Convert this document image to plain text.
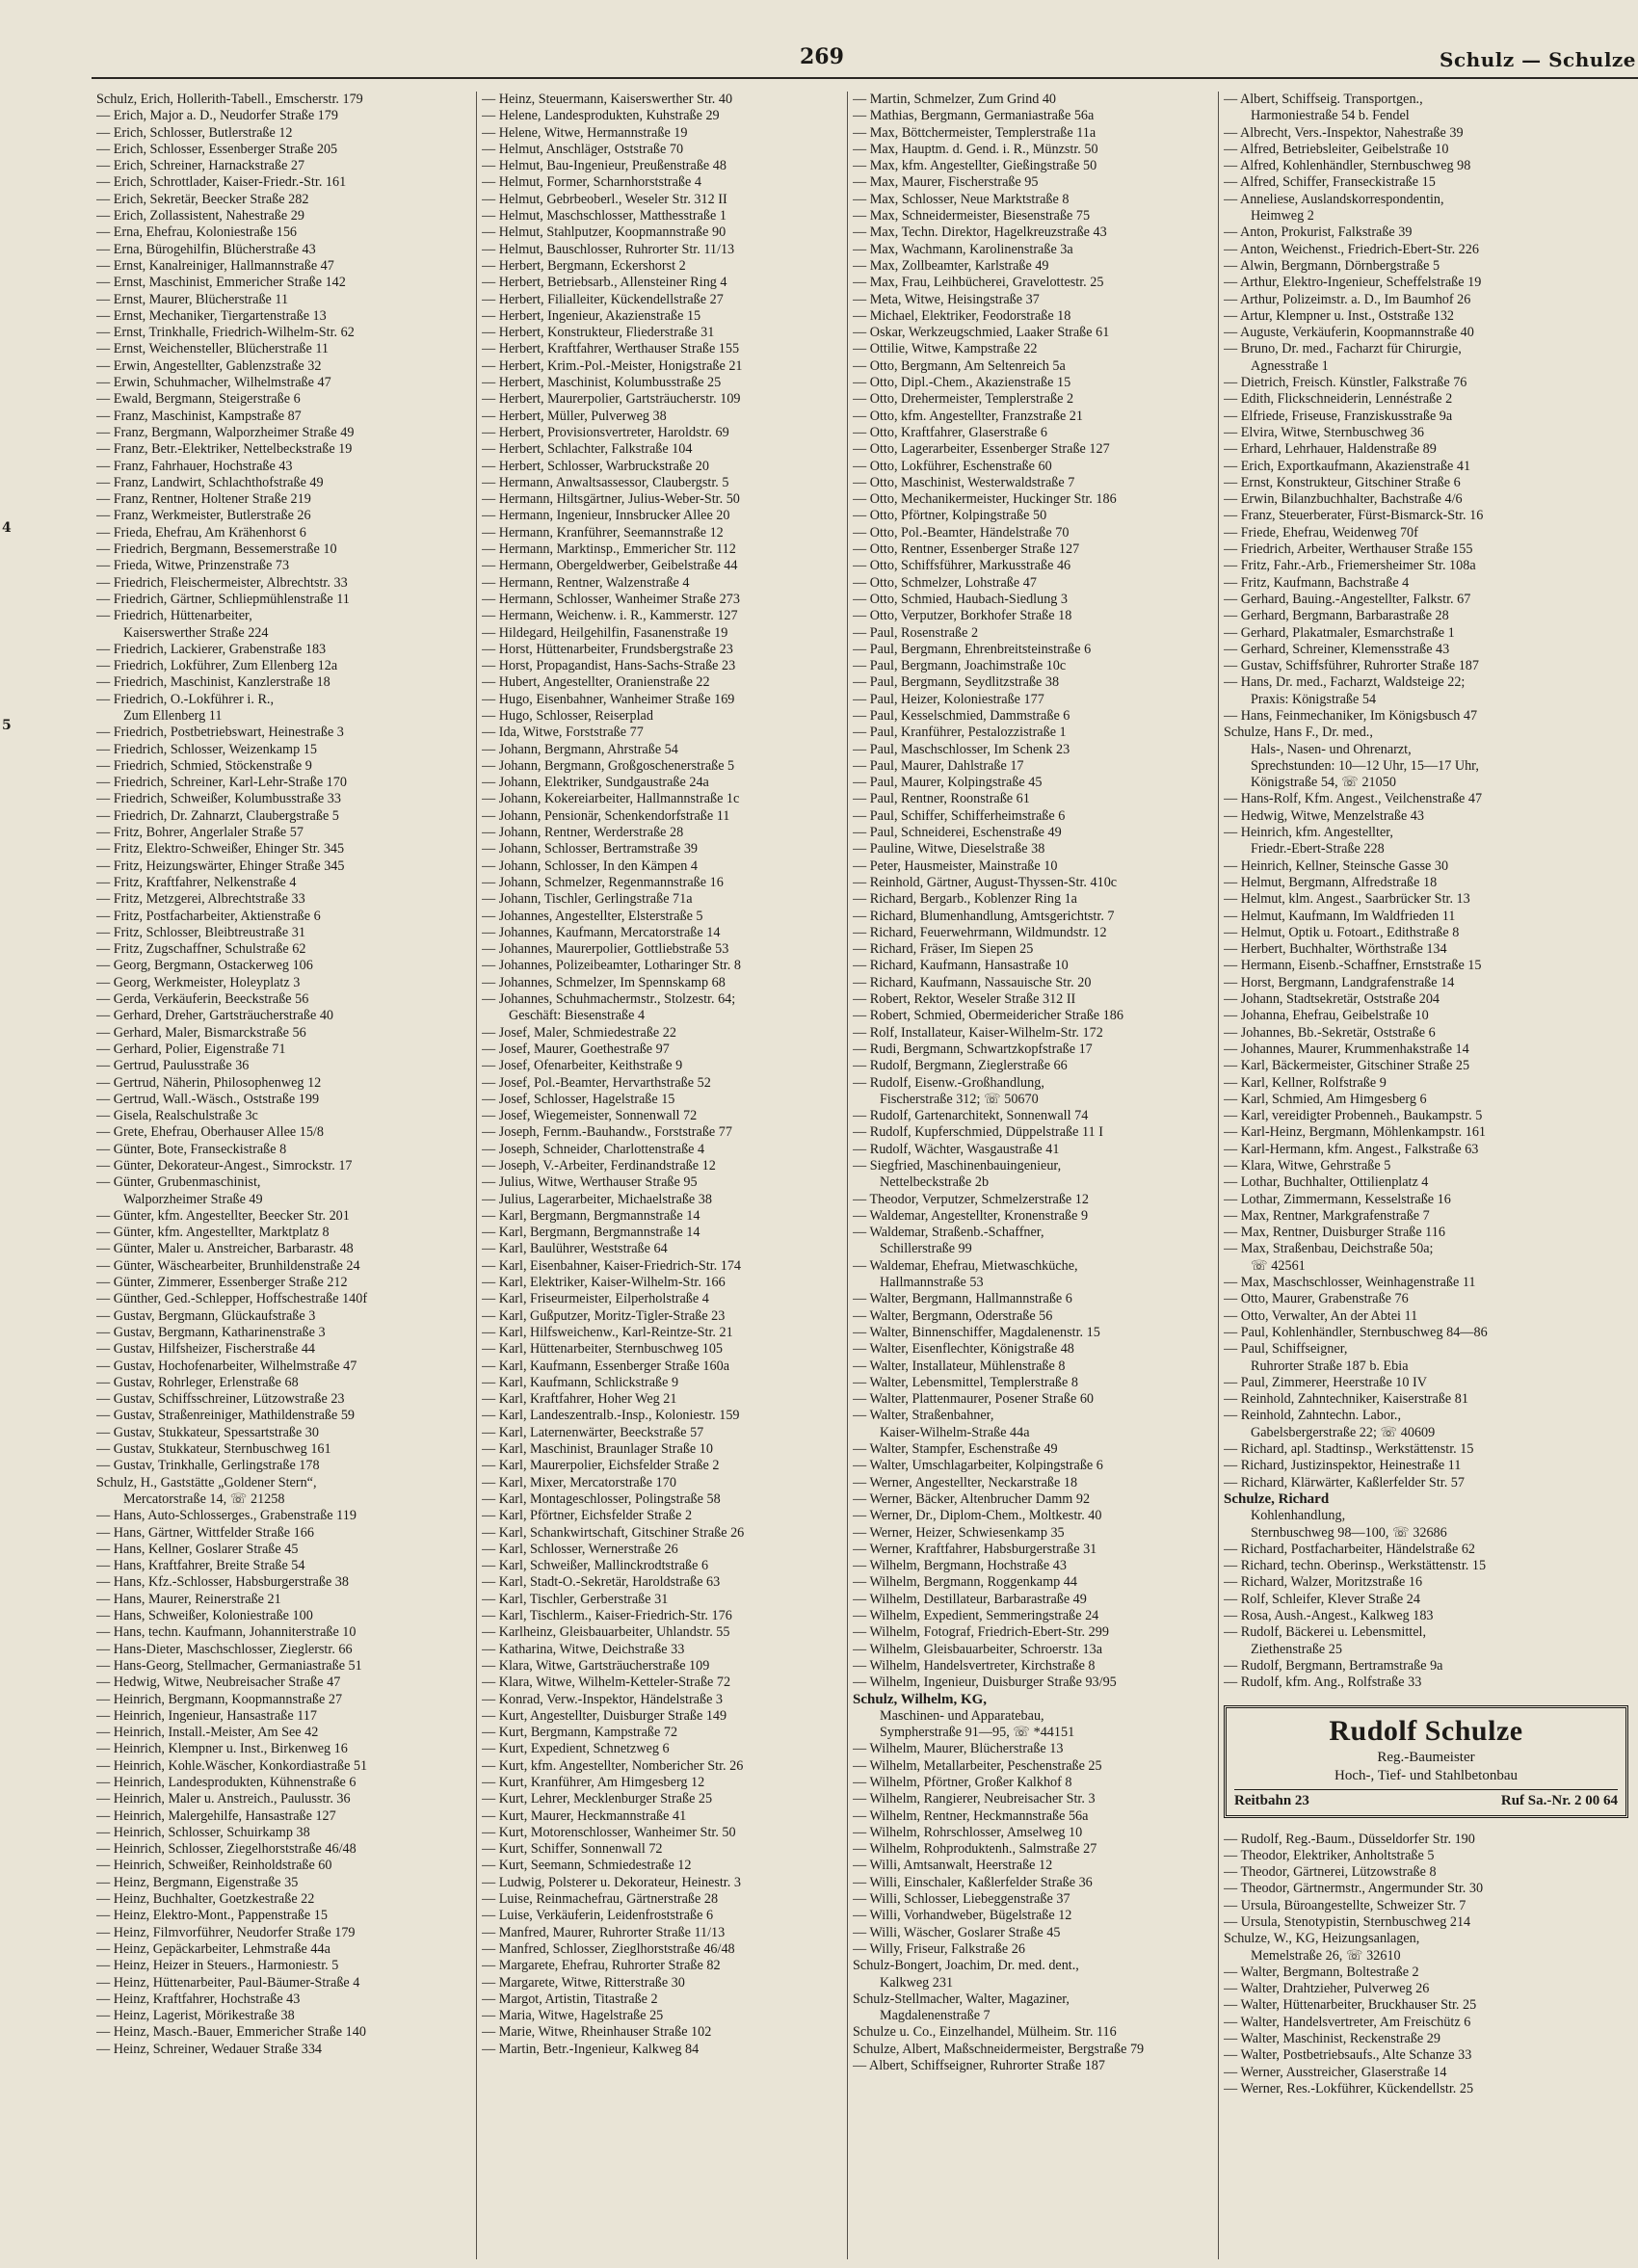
269	Schulz — Schulze
4
5
Schulz, Erich, Hollerith-Tabell., Emscherstr. 179
— Erich, Major a. D., Neudorfer Straße 179
— Erich, Schlosser, Butlerstraße 12
— Erich, Schlosser, Essenberger Straße 205
— Erich, Schreiner, Harnackstraße 27
— Erich, Schrottlader, Kaiser-Friedr.-Str. 161
— Erich, Sekretär, Beecker Straße 282
— Erich, Zollassistent, Nahestraße 29
— Erna, Ehefrau, Koloniestraße 156
— Erna, Bürogehilfin, Blücherstraße 43
— Ernst, Kanalreiniger, Hallmannstraße 47
— Ernst, Maschinist, Emmericher Straße 142
— Ernst, Maurer, Blücherstraße 11
— Ernst, Mechaniker, Tiergartenstraße 13
— Ernst, Trinkhalle, Friedrich-Wilhelm-Str. 62
— Ernst, Weichensteller, Blücherstraße 11
— Erwin, Angestellter, Gablenzstraße 32
— Erwin, Schuhmacher, Wilhelmstraße 47
— Ewald, Bergmann, Steigerstraße 6
— Franz, Maschinist, Kampstraße 87
— Franz, Bergmann, Walporzheimer Straße 49
— Franz, Betr.-Elektriker, Nettelbeckstraße 19
— Franz, Fahrhauer, Hochstraße 43
— Franz, Landwirt, Schlachthofstraße 49
— Franz, Rentner, Holtener Straße 219
— Franz, Werkmeister, Butlerstraße 26
— Frieda, Ehefrau, Am Krähenhorst 6
— Friedrich, Bergmann, Bessemerstraße 10
— Frieda, Witwe, Prinzenstraße 73
— Friedrich, Fleischermeister, Albrechtstr. 33
— Friedrich, Gärtner, Schliepmühlenstraße 11
— Friedrich, Hüttenarbeiter,
Kaiserswerther Straße 224
— Friedrich, Lackierer, Grabenstraße 183
— Friedrich, Lokführer, Zum Ellenberg 12a
— Friedrich, Maschinist, Kanzlerstraße 18
— Friedrich, O.-Lokführer i. R.,
Zum Ellenberg 11
— Friedrich, Postbetriebswart, Heinestraße 3
— Friedrich, Schlosser, Weizenkamp 15
— Friedrich, Schmied, Stöckenstraße 9
— Friedrich, Schreiner, Karl-Lehr-Straße 170
— Friedrich, Schweißer, Kolumbusstraße 33
— Friedrich, Dr. Zahnarzt, Claubergstraße 5
— Fritz, Bohrer, Angerlaler Straße 57
— Fritz, Elektro-Schweißer, Ehinger Str. 345
— Fritz, Heizungswärter, Ehinger Straße 345
— Fritz, Kraftfahrer, Nelkenstraße 4
— Fritz, Metzgerei, Albrechtstraße 33
— Fritz, Postfacharbeiter, Aktienstraße 6
— Fritz, Schlosser, Bleibtreustraße 31
— Fritz, Zugschaffner, Schulstraße 62
— Georg, Bergmann, Ostackerweg 106
— Georg, Werkmeister, Holeyplatz 3
— Gerda, Verkäuferin, Beeckstraße 56
— Gerhard, Dreher, Gartsträucherstraße 40
— Gerhard, Maler, Bismarckstraße 56
— Gerhard, Polier, Eigenstraße 71
— Gertrud, Paulusstraße 36
— Gertrud, Näherin, Philosophenweg 12
— Gertrud, Wall.-Wäsch., Oststraße 199
— Gisela, Realschulstraße 3c
— Grete, Ehefrau, Oberhauser Allee 15/8
— Günter, Bote, Franseckistraße 8
— Günter, Dekorateur-Angest., Simrockstr. 17
— Günter, Grubenmaschinist,
Walporzheimer Straße 49
— Günter, kfm. Angestellter, Beecker Str. 201
— Günter, kfm. Angestellter, Marktplatz 8
— Günter, Maler u. Anstreicher, Barbarastr. 48
— Günter, Wäschearbeiter, Brunhildenstraße 24
— Günter, Zimmerer, Essenberger Straße 212
— Günther, Ged.-Schlepper, Hoffschestraße 140f
— Gustav, Bergmann, Glückaufstraße 3
— Gustav, Bergmann, Katharinenstraße 3
— Gustav, Hilfsheizer, Fischerstraße 44
— Gustav, Hochofenarbeiter, Wilhelmstraße 47
— Gustav, Rohrleger, Erlenstraße 68
— Gustav, Schiffsschreiner, Lützowstraße 23
— Gustav, Straßenreiniger, Mathildenstraße 59
— Gustav, Stukkateur, Spessartstraße 30
— Gustav, Stukkateur, Sternbuschweg 161
— Gustav, Trinkhalle, Gerlingstraße 178
Schulz, H., Gaststätte „Goldener Stern“,
Mercatorstraße 14, ☏ 21258
— Hans, Auto-Schlosserges., Grabenstraße 119
— Hans, Gärtner, Wittfelder Straße 166
— Hans, Kellner, Goslarer Straße 45
— Hans, Kraftfahrer, Breite Straße 54
— Hans, Kfz.-Schlosser, Habsburgerstraße 38
— Hans, Maurer, Reinerstraße 21
— Hans, Schweißer, Koloniestraße 100
— Hans, techn. Kaufmann, Johanniterstraße 10
— Hans-Dieter, Maschschlosser, Zieglerstr. 66
— Hans-Georg, Stellmacher, Germaniastraße 51
— Hedwig, Witwe, Neubreisacher Straße 47
— Heinrich, Bergmann, Koopmannstraße 27
— Heinrich, Ingenieur, Hansastraße 117
— Heinrich, Install.-Meister, Am See 42
— Heinrich, Klempner u. Inst., Birkenweg 16
— Heinrich, Kohle.Wäscher, Konkordiastraße 51
— Heinrich, Landesprodukten, Kühnenstraße 6
— Heinrich, Maler u. Anstreich., Paulusstr. 36
— Heinrich, Malergehilfe, Hansastraße 127
— Heinrich, Schlosser, Schuirkamp 38
— Heinrich, Schlosser, Ziegelhorststraße 46/48
— Heinrich, Schweißer, Reinholdstraße 60
— Heinz, Bergmann, Eigenstraße 35
— Heinz, Buchhalter, Goetzkestraße 22
— Heinz, Elektro-Mont., Pappenstraße 15
— Heinz, Filmvorführer, Neudorfer Straße 179
— Heinz, Gepäckarbeiter, Lehmstraße 44a
— Heinz, Heizer in Steuers., Harmoniestr. 5
— Heinz, Hüttenarbeiter, Paul-Bäumer-Straße 4
— Heinz, Kraftfahrer, Hochstraße 43
— Heinz, Lagerist, Mörikestraße 38
— Heinz, Masch.-Bauer, Emmericher Straße 140
— Heinz, Schreiner, Wedauer Straße 334
— Heinz, Steuermann, Kaiserswerther Str. 40
— Helene, Landesprodukten, Kuhstraße 29
— Helene, Witwe, Hermannstraße 19
— Helmut, Anschläger, Oststraße 70
— Helmut, Bau-Ingenieur, Preußenstraße 48
— Helmut, Former, Scharnhorststraße 4
— Helmut, Gebrbeoberl., Weseler Str. 312 II
— Helmut, Maschschlosser, Matthesstraße 1
— Helmut, Stahlputzer, Koopmannstraße 90
— Helmut, Bauschlosser, Ruhrorter Str. 11/13
— Herbert, Bergmann, Eckershorst 2
— Herbert, Betriebsarb., Allensteiner Ring 4
— Herbert, Filialleiter, Kückendellstraße 27
— Herbert, Ingenieur, Akazienstraße 15
— Herbert, Konstrukteur, Fliederstraße 31
— Herbert, Kraftfahrer, Werthauser Straße 155
— Herbert, Krim.-Pol.-Meister, Honigstraße 21
— Herbert, Maschinist, Kolumbusstraße 25
— Herbert, Maurerpolier, Gartsträucherstr. 109
— Herbert, Müller, Pulverweg 38
— Herbert, Provisionsvertreter, Haroldstr. 69
— Herbert, Schlachter, Falkstraße 104
— Herbert, Schlosser, Warbruckstraße 20
— Hermann, Anwaltsassessor, Claubergstr. 5
— Hermann, Hiltsgärtner, Julius-Weber-Str. 50
— Hermann, Ingenieur, Innsbrucker Allee 20
— Hermann, Kranführer, Seemannstraße 12
— Hermann, Marktinsp., Emmericher Str. 112
— Hermann, Obergeldwerber, Geibelstraße 44
— Hermann, Rentner, Walzenstraße 4
— Hermann, Schlosser, Wanheimer Straße 273
— Hermann, Weichenw. i. R., Kammerstr. 127
— Hildegard, Heilgehilfin, Fasanenstraße 19
— Horst, Hüttenarbeiter, Frundsbergstraße 23
— Horst, Propagandist, Hans-Sachs-Straße 23
— Hubert, Angestellter, Oranienstraße 22
— Hugo, Eisenbahner, Wanheimer Straße 169
— Hugo, Schlosser, Reiserplad
— Ida, Witwe, Forststraße 77
— Johann, Bergmann, Ahrstraße 54
— Johann, Bergmann, Großgoschenerstraße 5
— Johann, Elektriker, Sundgaustraße 24a
— Johann, Kokereiarbeiter, Hallmannstraße 1c
— Johann, Pensionär, Schenkendorfstraße 11
— Johann, Rentner, Werderstraße 28
— Johann, Schlosser, Bertramstraße 39
— Johann, Schlosser, In den Kämpen 4
— Johann, Schmelzer, Regenmannstraße 16
— Johann, Tischler, Gerlingstraße 71a
— Johannes, Angestellter, Elsterstraße 5
— Johannes, Kaufmann, Mercatorstraße 14
— Johannes, Maurerpolier, Gottliebstraße 53
— Johannes, Polizeibeamter, Lotharinger Str. 8
— Johannes, Schmelzer, Im Spennskamp 68
— Johannes, Schuhmachermstr., Stolzestr. 64;
Geschäft: Biesenstraße 4
— Josef, Maler, Schmiedestraße 22
— Josef, Maurer, Goethestraße 97
— Josef, Ofenarbeiter, Keithstraße 9
— Josef, Pol.-Beamter, Hervarthstraße 52
— Josef, Schlosser, Hagelstraße 15
— Josef, Wiegemeister, Sonnenwall 72
— Joseph, Fernm.-Bauhandw., Forststraße 77
— Joseph, Schneider, Charlottenstraße 4
— Joseph, V.-Arbeiter, Ferdinandstraße 12
— Julius, Witwe, Werthauser Straße 95
— Julius, Lagerarbeiter, Michaelstraße 38
— Karl, Bergmann, Bergmannstraße 14
— Karl, Bergmann, Bergmannstraße 14
— Karl, Baulührer, Weststraße 64
— Karl, Eisenbahner, Kaiser-Friedrich-Str. 174
— Karl, Elektriker, Kaiser-Wilhelm-Str. 166
— Karl, Friseurmeister, Eilperholstraße 4
— Karl, Gußputzer, Moritz-Tigler-Straße 23
— Karl, Hilfsweichenw., Karl-Reintze-Str. 21
— Karl, Hüttenarbeiter, Sternbuschweg 105
— Karl, Kaufmann, Essenberger Straße 160a
— Karl, Kaufmann, Schlickstraße 9
— Karl, Kraftfahrer, Hoher Weg 21
— Karl, Landeszentralb.-Insp., Koloniestr. 159
— Karl, Laternenwärter, Beeckstraße 57
— Karl, Maschinist, Braunlager Straße 10
— Karl, Maurerpolier, Eichsfelder Straße 2
— Karl, Mixer, Mercatorstraße 170
— Karl, Montageschlosser, Polingstraße 58
— Karl, Pförtner, Eichsfelder Straße 2
— Karl, Schankwirtschaft, Gitschiner Straße 26
— Karl, Schlosser, Wernerstraße 26
— Karl, Schweißer, Mallinckrodtstraße 6
— Karl, Stadt-O.-Sekretär, Haroldstraße 63
— Karl, Tischler, Gerberstraße 31
— Karl, Tischlerm., Kaiser-Friedrich-Str. 176
— Karlheinz, Gleisbauarbeiter, Uhlandstr. 55
— Katharina, Witwe, Deichstraße 33
— Klara, Witwe, Gartsträucherstraße 109
— Klara, Witwe, Wilhelm-Ketteler-Straße 72
— Konrad, Verw.-Inspektor, Händelstraße 3
— Kurt, Angestellter, Duisburger Straße 149
— Kurt, Bergmann, Kampstraße 72
— Kurt, Expedient, Schnetzweg 6
— Kurt, kfm. Angestellter, Nombericher Str. 26
— Kurt, Kranführer, Am Himgesberg 12
— Kurt, Lehrer, Mecklenburger Straße 25
— Kurt, Maurer, Heckmannstraße 41
— Kurt, Motorenschlosser, Wanheimer Str. 50
— Kurt, Schiffer, Sonnenwall 72
— Kurt, Seemann, Schmiedestraße 12
— Ludwig, Polsterer u. Dekorateur, Heinestr. 3
— Luise, Reinmachefrau, Gärtnerstraße 28
— Luise, Verkäuferin, Leidenfroststraße 6
— Manfred, Maurer, Ruhrorter Straße 11/13
— Manfred, Schlosser, Zieglhorststraße 46/48
— Margarete, Ehefrau, Ruhrorter Straße 82
— Margarete, Witwe, Ritterstraße 30
— Margot, Artistin, Titastraße 2
— Maria, Witwe, Hagelstraße 25
— Marie, Witwe, Rheinhauser Straße 102
— Martin, Betr.-Ingenieur, Kalkweg 84
— Martin, Schmelzer, Zum Grind 40
— Mathias, Bergmann, Germaniastraße 56a
— Max, Böttchermeister, Templerstraße 11a
— Max, Hauptm. d. Gend. i. R., Münzstr. 50
— Max, kfm. Angestellter, Gießingstraße 50
— Max, Maurer, Fischerstraße 95
— Max, Schlosser, Neue Marktstraße 8
— Max, Schneidermeister, Biesenstraße 75
— Max, Techn. Direktor, Hagelkreuzstraße 43
— Max, Wachmann, Karolinenstraße 3a
— Max, Zollbeamter, Karlstraße 49
— Max, Frau, Leihbücherei, Gravelottestr. 25
— Meta, Witwe, Heisingstraße 37
— Michael, Elektriker, Feodorstraße 18
— Oskar, Werkzeugschmied, Laaker Straße 61
— Ottilie, Witwe, Kampstraße 22
— Otto, Bergmann, Am Seltenreich 5a
— Otto, Dipl.-Chem., Akazienstraße 15
— Otto, Drehermeister, Templerstraße 2
— Otto, kfm. Angestellter, Franzstraße 21
— Otto, Kraftfahrer, Glaserstraße 6
— Otto, Lagerarbeiter, Essenberger Straße 127
— Otto, Lokführer, Eschenstraße 60
— Otto, Maschinist, Westerwaldstraße 7
— Otto, Mechanikermeister, Huckinger Str. 186
— Otto, Pförtner, Kolpingstraße 50
— Otto, Pol.-Beamter, Händelstraße 70
— Otto, Rentner, Essenberger Straße 127
— Otto, Schiffsführer, Markusstraße 46
— Otto, Schmelzer, Lohstraße 47
— Otto, Schmied, Haubach-Siedlung 3
— Otto, Verputzer, Borkhofer Straße 18
— Paul, Rosenstraße 2
— Paul, Bergmann, Ehrenbreitsteinstraße 6
— Paul, Bergmann, Joachimstraße 10c
— Paul, Bergmann, Seydlitzstraße 38
— Paul, Heizer, Koloniestraße 177
— Paul, Kesselschmied, Dammstraße 6
— Paul, Kranführer, Pestalozzistraße 1
— Paul, Maschschlosser, Im Schenk 23
— Paul, Maurer, Dahlstraße 17
— Paul, Maurer, Kolpingstraße 45
— Paul, Rentner, Roonstraße 61
— Paul, Schiffer, Schifferheimstraße 6
— Paul, Schneiderei, Eschenstraße 49
— Pauline, Witwe, Dieselstraße 38
— Peter, Hausmeister, Mainstraße 10
— Reinhold, Gärtner, August-Thyssen-Str. 410c
— Richard, Bergarb., Koblenzer Ring 1a
— Richard, Blumenhandlung, Amtsgerichtstr. 7
— Richard, Feuerwehrmann, Wildmundstr. 12
— Richard, Fräser, Im Siepen 25
— Richard, Kaufmann, Hansastraße 10
— Richard, Kaufmann, Nassauische Str. 20
— Robert, Rektor, Weseler Straße 312 II
— Robert, Schmied, Obermeidericher Straße 186
— Rolf, Installateur, Kaiser-Wilhelm-Str. 172
— Rudi, Bergmann, Schwartzkopfstraße 17
— Rudolf, Bergmann, Zieglerstraße 66
— Rudolf, Eisenw.-Großhandlung,
Fischerstraße 312; ☏ 50670
— Rudolf, Gartenarchitekt, Sonnenwall 74
— Rudolf, Kupferschmied, Düppelstraße 11 I
— Rudolf, Wächter, Wasgaustraße 41
— Siegfried, Maschinenbauingenieur,
Nettelbeckstraße 2b
— Theodor, Verputzer, Schmelzerstraße 12
— Waldemar, Angestellter, Kronenstraße 9
— Waldemar, Straßenb.-Schaffner,
Schillerstraße 99
— Waldemar, Ehefrau, Mietwaschküche,
Hallmannstraße 53
— Walter, Bergmann, Hallmannstraße 6
— Walter, Bergmann, Oderstraße 56
— Walter, Binnenschiffer, Magdalenenstr. 15
— Walter, Eisenflechter, Königstraße 48
— Walter, Installateur, Mühlenstraße 8
— Walter, Lebensmittel, Templerstraße 8
— Walter, Plattenmaurer, Posener Straße 60
— Walter, Straßenbahner,
Kaiser-Wilhelm-Straße 44a
— Walter, Stampfer, Eschenstraße 49
— Walter, Umschlagarbeiter, Kolpingstraße 6
— Werner, Angestellter, Neckarstraße 18
— Werner, Bäcker, Altenbrucher Damm 92
— Werner, Dr., Diplom-Chem., Moltkestr. 40
— Werner, Heizer, Schwiesenkamp 35
— Werner, Kraftfahrer, Habsburgerstraße 31
— Wilhelm, Bergmann, Hochstraße 43
— Wilhelm, Bergmann, Roggenkamp 44
— Wilhelm, Destillateur, Barbarastraße 49
— Wilhelm, Expedient, Semmeringstraße 24
— Wilhelm, Fotograf, Friedrich-Ebert-Str. 299
— Wilhelm, Gleisbauarbeiter, Schroerstr. 13a
— Wilhelm, Handelsvertreter, Kirchstraße 8
— Wilhelm, Ingenieur, Duisburger Straße 93/95
Schulz, Wilhelm, KG,
Maschinen- und Apparatebau,
Sympherstraße 91—95, ☏ *44151
— Wilhelm, Maurer, Blücherstraße 13
— Wilhelm, Metallarbeiter, Peschenstraße 25
— Wilhelm, Pförtner, Großer Kalkhof 8
— Wilhelm, Rangierer, Neubreisacher Str. 3
— Wilhelm, Rentner, Heckmannstraße 56a
— Wilhelm, Rohrschlosser, Amselweg 10
— Wilhelm, Rohproduktenh., Salmstraße 27
— Willi, Amtsanwalt, Heerstraße 12
— Willi, Einschaler, Kaßlerfelder Straße 36
— Willi, Schlosser, Liebeggenstraße 37
— Willi, Vorhandweber, Bügelstraße 12
— Willi, Wäscher, Goslarer Straße 45
— Willy, Friseur, Falkstraße 26
Schulz-Bongert, Joachim, Dr. med. dent.,
Kalkweg 231
Schulz-Stellmacher, Walter, Magaziner,
Magdalenenstraße 7
Schulze u. Co., Einzelhandel, Mülheim. Str. 116
Schulze, Albert, Maßschneidermeister, Bergstraße 79
— Albert, Schiffseigner, Ruhrorter Straße 187
— Albert, Schiffseig. Transportgen.,
Harmoniestraße 54 b. Fendel
— Albrecht, Vers.-Inspektor, Nahestraße 39
— Alfred, Betriebsleiter, Geibelstraße 10
— Alfred, Kohlenhändler, Sternbuschweg 98
— Alfred, Schiffer, Franseckistraße 15
— Anneliese, Auslandskorrespondentin,
Heimweg 2
— Anton, Prokurist, Falkstraße 39
— Anton, Weichenst., Friedrich-Ebert-Str. 226
— Alwin, Bergmann, Dörnbergstraße 5
— Arthur, Elektro-Ingenieur, Scheffelstraße 19
— Arthur, Polizeimstr. a. D., Im Baumhof 26
— Artur, Klempner u. Inst., Oststraße 132
— Auguste, Verkäuferin, Koopmannstraße 40
— Bruno, Dr. med., Facharzt für Chirurgie,
Agnesstraße 1
— Dietrich, Freisch. Künstler, Falkstraße 76
— Edith, Flickschneiderin, Lennéstraße 2
— Elfriede, Friseuse, Franziskusstraße 9a
— Elvira, Witwe, Sternbuschweg 36
— Erhard, Lehrhauer, Haldenstraße 89
— Erich, Exportkaufmann, Akazienstraße 41
— Ernst, Konstrukteur, Gitschiner Straße 6
— Erwin, Bilanzbuchhalter, Bachstraße 4/6
— Franz, Steuerberater, Fürst-Bismarck-Str. 16
— Friede, Ehefrau, Weidenweg 70f
— Friedrich, Arbeiter, Werthauser Straße 155
— Fritz, Fahr.-Arb., Friemersheimer Str. 108a
— Fritz, Kaufmann, Bachstraße 4
— Gerhard, Bauing.-Angestellter, Falkstr. 67
— Gerhard, Bergmann, Barbarastraße 28
— Gerhard, Plakatmaler, Esmarchstraße 1
— Gerhard, Schreiner, Klemensstraße 43
— Gustav, Schiffsführer, Ruhrorter Straße 187
— Hans, Dr. med., Facharzt, Waldsteige 22;
Praxis: Königstraße 54
— Hans, Feinmechaniker, Im Königsbusch 47
Schulze, Hans F., Dr. med.,
Hals-, Nasen- und Ohrenarzt,
Sprechstunden: 10—12 Uhr, 15—17 Uhr,
Königstraße 54, ☏ 21050
— Hans-Rolf, Kfm. Angest., Veilchenstraße 47
— Hedwig, Witwe, Menzelstraße 43
— Heinrich, kfm. Angestellter,
Friedr.-Ebert-Straße 228
— Heinrich, Kellner, Steinsche Gasse 30
— Helmut, Bergmann, Alfredstraße 18
— Helmut, klm. Angest., Saarbrücker Str. 13
— Helmut, Kaufmann, Im Waldfrieden 11
— Helmut, Optik u. Fotoart., Edithstraße 8
— Herbert, Buchhalter, Wörthstraße 134
— Hermann, Eisenb.-Schaffner, Ernststraße 15
— Horst, Bergmann, Landgrafenstraße 14
— Johann, Stadtsekretär, Oststraße 204
— Johanna, Ehefrau, Geibelstraße 10
— Johannes, Bb.-Sekretär, Oststraße 6
— Johannes, Maurer, Krummenhakstraße 14
— Karl, Bäckermeister, Gitschiner Straße 25
— Karl, Kellner, Rolfstraße 9
— Karl, Schmied, Am Himgesberg 6
— Karl, vereidigter Probenneh., Baukampstr. 5
— Karl-Heinz, Bergmann, Möhlenkampstr. 161
— Karl-Hermann, kfm. Angest., Falkstraße 63
— Klara, Witwe, Gehrstraße 5
— Lothar, Buchhalter, Ottilienplatz 4
— Lothar, Zimmermann, Kesselstraße 16
— Max, Rentner, Markgrafenstraße 7
— Max, Rentner, Duisburger Straße 116
— Max, Straßenbau, Deichstraße 50a;
☏ 42561
— Max, Maschschlosser, Weinhagenstraße 11
— Otto, Maurer, Grabenstraße 76
— Otto, Verwalter, An der Abtei 11
— Paul, Kohlenhändler, Sternbuschweg 84—86
— Paul, Schiffseigner,
Ruhrorter Straße 187 b. Ebia
— Paul, Zimmerer, Heerstraße 10 IV
— Reinhold, Zahntechniker, Kaiserstraße 81
— Reinhold, Zahntechn. Labor.,
Gabelsbergerstraße 22; ☏ 40609
— Richard, apl. Stadtinsp., Werkstättenstr. 15
— Richard, Justizinspektor, Heinestraße 11
— Richard, Klärwärter, Kaßlerfelder Str. 57
Schulze, Richard
Kohlenhandlung,
Sternbuschweg 98—100, ☏ 32686
— Richard, Postfacharbeiter, Händelstraße 62
— Richard, techn. Oberinsp., Werkstättenstr. 15
— Richard, Walzer, Moritzstraße 16
— Rolf, Schleifer, Klever Straße 24
— Rosa, Aush.-Angest., Kalkweg 183
— Rudolf, Bäckerei u. Lebensmittel,
Ziethenstraße 25
— Rudolf, Bergmann, Bertramstraße 9a
— Rudolf, kfm. Ang., Rolfstraße 33
Rudolf Schulze
Reg.-Baumeister
Hoch-, Tief- und Stahlbetonbau
Reitbahn 23	Ruf Sa.-Nr. 2 00 64
— Rudolf, Reg.-Baum., Düsseldorfer Str. 190
— Theodor, Elektriker, Anholtstraße 5
— Theodor, Gärtnerei, Lützowstraße 8
— Theodor, Gärtnermstr., Angermunder Str. 30
— Ursula, Büroangestellte, Schweizer Str. 7
— Ursula, Stenotypistin, Sternbuschweg 214
Schulze, W., KG, Heizungsanlagen,
Memelstraße 26, ☏ 32610
— Walter, Bergmann, Boltestraße 2
— Walter, Drahtzieher, Pulverweg 26
— Walter, Hüttenarbeiter, Bruckhauser Str. 25
— Walter, Handelsvertreter, Am Freischütz 6
— Walter, Maschinist, Reckenstraße 29
— Walter, Postbetriebsaufs., Alte Schanze 33
— Werner, Ausstreicher, Glaserstraße 14
— Werner, Res.-Lokführer, Kückendellstr. 25
